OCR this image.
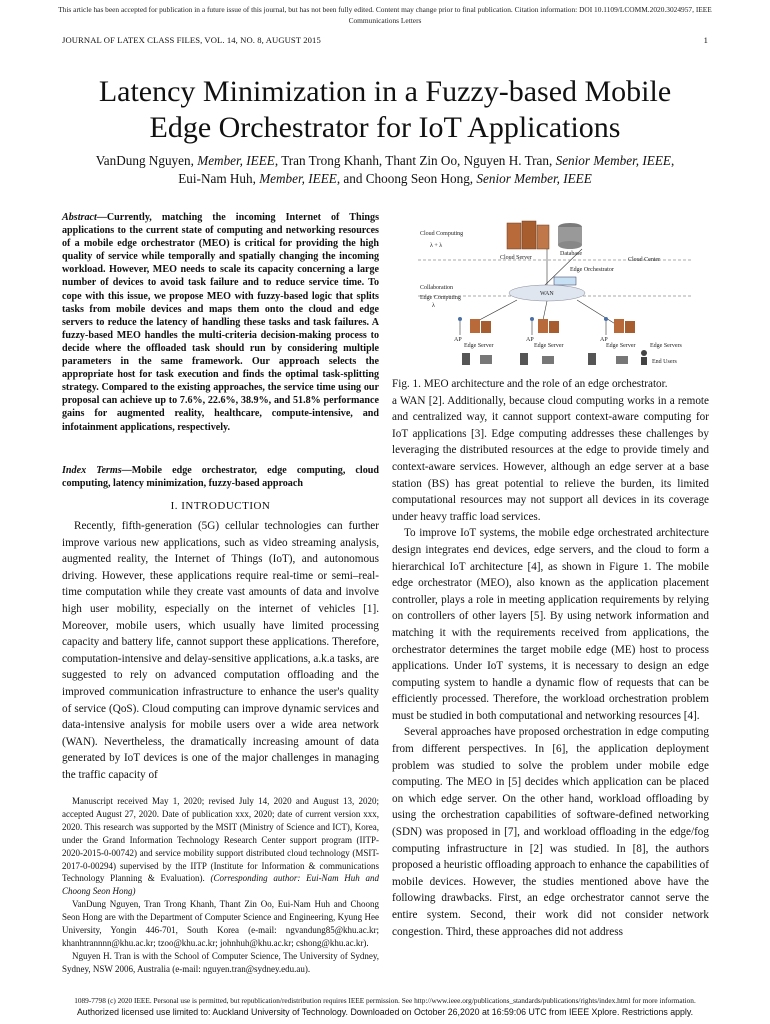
This article has been accepted for publication in a future issue of this journal, but has not been fully edited. Content may change prior to final publication. Citation information: DOI 10.1109/LCOMM.2020.3024957, IEEE
Communications Letters
JOURNAL OF LATEX CLASS FILES, VOL. 14, NO. 8, AUGUST 2015	1
Latency Minimization in a Fuzzy-based Mobile
Edge Orchestrator for IoT Applications
VanDung Nguyen, Member, IEEE, Tran Trong Khanh, Thant Zin Oo, Nguyen H. Tran, Senior Member, IEEE,
Eui-Nam Huh, Member, IEEE, and Choong Seon Hong, Senior Member, IEEE
Abstract—Currently, matching the incoming Internet of Things applications to the current state of computing and networking resources of a mobile edge orchestrator (MEO) is critical for providing the high quality of service while temporally and spatially changing the incoming workload. However, MEO needs to scale its capacity concerning a large number of devices to avoid task failure and to reduce service time. To cope with this issue, we propose MEO with fuzzy-based logic that splits tasks from mobile devices and maps them onto the cloud and edge servers to reduce the latency of handling these tasks and task failures. A fuzzy-based MEO handles the multi-criteria decision-making process to decide where the offloaded task should run by considering multiple parameters in the same framework. Our approach selects the appropriate host for task execution and finds the optimal task-splitting strategy. Compared to the existing approaches, the service time using our proposal can achieve up to 7.6%, 22.6%, 38.9%, and 51.8% performance gains for augmented reality, healthcare, compute-intensive, and infotainment applications, respectively.
Index Terms—Mobile edge orchestrator, edge computing, cloud computing, latency minimization, fuzzy-based approach
I. INTRODUCTION
Recently, fifth-generation (5G) cellular technologies can further improve various new applications, such as video streaming analysis, augmented reality, the Internet of Things (IoT), and autonomous driving. However, these applications require real-time or semi–real-time computation while they create vast amounts of data and involve high user mobility, especially on the internet of vehicles [1]. Moreover, mobile users, which usually have limited processing capacity and battery life, cannot support these applications. Therefore, computation-intensive and delay-sensitive applications, a.k.a tasks, are suggested to rely on advanced computation offloading and the improved communication infrastructure to enhance the user's quality of service (QoS). Cloud computing can improve dynamic services and data-intensive analysis for mobile users over a wide area network (WAN). Nevertheless, the dramatically increasing amount of data generated by IoT devices is one of the major challenges in managing the traffic capacity of

Manuscript received May 1, 2020; revised July 14, 2020 and August 13, 2020; accepted August 27, 2020. Date of publication xxx, 2020; date of current version xxx, 2020. This research was supported by the MSIT (Ministry of Science and ICT), Korea, under the Grand Information Technology Research Center support program (IITP-2020-2015-0-00742) and service mobility support distributed cloud technology (MSIT-2017-0-00294) supervised by the IITP (Institute for Information & communications Technology Planning & Evaluation). (Corresponding author: Eui-Nam Huh and Choong Seon Hong)

VanDung Nguyen, Tran Trong Khanh, Thant Zin Oo, Eui-Nam Huh and Choong Seon Hong are with the Department of Computer Science and Engineering, Kyung Hee University, Yongin 446-701, South Korea (e-mail: ngvandung85@khu.ac.kr; khanhtrannnn@khu.ac.kr; tzoo@khu.ac.kr; johnhuh@khu.ac.kr; cshong@khu.ac.kr).

Nguyen H. Tran is with the School of Computer Science, The University of Sydney, Sydney, NSW 2006, Australia (e-mail: nguyen.tran@sydney.edu.au).

Cloud Computing
λ + λ
Collaboration
λ
Edge Computing
Cloud Server
Database
Cloud Center
Edge Orchestrator
WAN
AP
Edge Server
AP
Edge Server
AP
Edge Server Edge Servers
End Users

Fig. 1. MEO architecture and the role of an edge orchestrator.

a WAN [2]. Additionally, because cloud computing works in a remote and centralized way, it cannot support context-aware computing for IoT applications [3]. Edge computing addresses these challenges by leveraging the distributed resources at the edge to provide timely and context-aware services. However, although an edge server at a base station (BS) has great potential to relieve the burden, its limited computational resources may not support all devices in its coverage under heavy traffic load services.

To improve IoT systems, the mobile edge orchestrated architecture design integrates end devices, edge servers, and the cloud to form a hierarchical IoT architecture [4], as shown in Figure 1. The mobile edge orchestrator (MEO), also known as the application placement controller, plays a role in meeting application requirements by relying on controllers of other layers [5]. By using network information and matching it with the requirements received from applications, the orchestrator determines the target mobile edge (ME) host to process applications. Under IoT systems, it is necessary to design an edge computing system to handle a dynamic flow of requests that can be efficiently processed. Therefore, the workload orchestration problem must be studied in both computational and networking resources [4].

Several approaches have proposed orchestration in edge computing from different perspectives. In [6], the application deployment problem was studied to solve the problem under mobile edge computing. The MEO in [5] decides which application can be placed on which edge server. On the other hand, workload offloading by using the orchestration capabilities of software-defined networking (SDN) was proposed in [7], and workload offloading in the edge/fog computing infrastructure in [2] was studied. In [8], the authors proposed a heuristic offloading approach to enhance the capabilities of mobile devices. However, the studies mentioned above have the following drawbacks. First, an edge orchestrator cannot serve the entire system. Second, their work did not consider network congestion. Third, these approaches did not address

1089-7798 (c) 2020 IEEE. Personal use is permitted, but republication/redistribution requires IEEE permission. See http://www.ieee.org/publications_standards/publications/rights/index.html for more information.
Authorized licensed use limited to: Auckland University of Technology. Downloaded on October 26,2020 at 16:59:06 UTC from IEEE Xplore. Restrictions apply.
